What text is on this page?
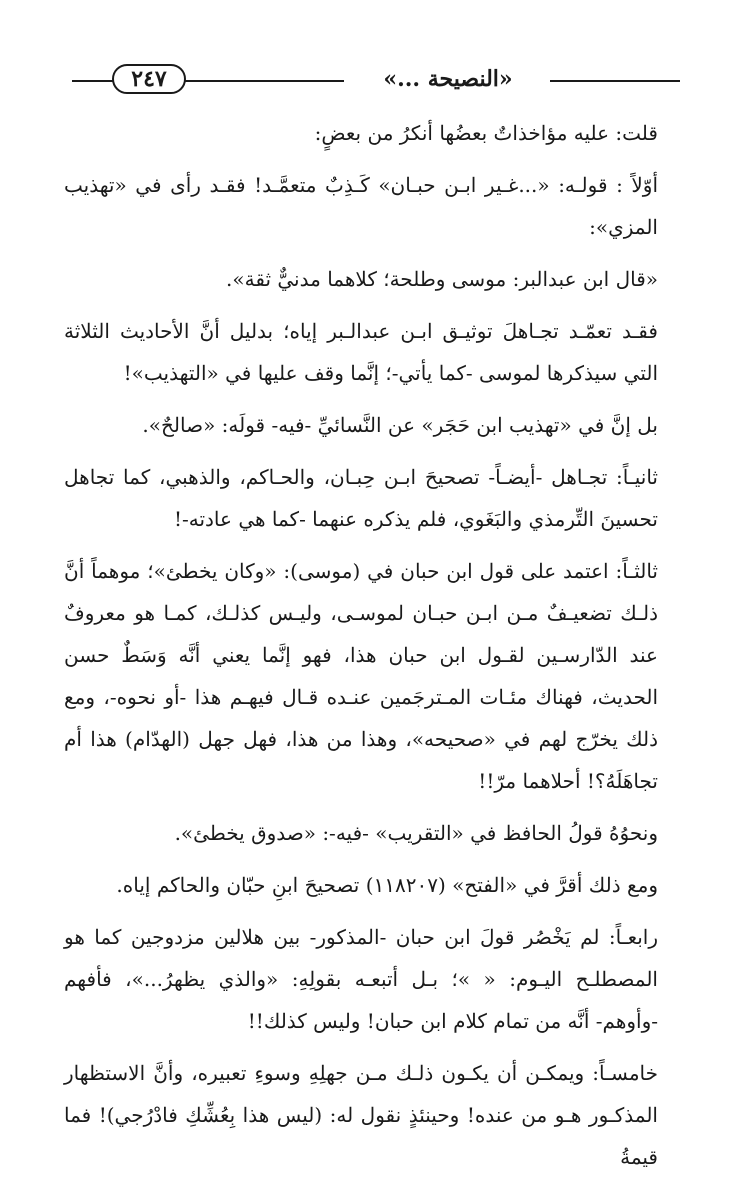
٢٤٧	«النصيحة ...»

قلت: عليه مؤاخذاتٌ بعضُها أنكرُ من بعضٍ:

أوّلاً : قولـه: «...غـير ابـن حبـان» كَـذِبٌ متعمَّـد! فقـد رأى في «تهذيب المزي»:

«قال ابن عبدالبر: موسى وطلحة؛ كلاهما مدنيٌّ ثقة».

فقـد تعمّـد تجـاهلَ توثيـق ابـن عبدالـبر إياه؛ بدليل أنَّ الأحاديث الثلاثة التي سيذكرها لموسى -كما يأتي-؛ إنَّما وقف عليها في «التهذيب»!

بل إنَّ في «تهذيب ابن حَجَر» عن النَّسائيِّ -فيه- قولَه: «صالحٌ».

ثانيـاً: تجـاهل -أيضـاً- تصحيحَ ابـن حِبـان، والحـاكم، والذهبي، كما تجاهل تحسينَ التِّرمذي والبَغَوي، فلم يذكره عنهما -كما هي عادته-!

ثالثـاً: اعتمد على قول ابن حبان في (موسى): «وكان يخطئ»؛ موهماً أنَّ ذلـك تضعيـفٌ مـن ابـن حبـان لموسـى، وليـس كذلـك، كمـا هو معروفٌ عند الدّارسـين لقـول ابن حبان هذا، فهو إنَّما يعني أنَّه وَسَطٌ حسن الحديث، فهناك مئـات المـترجَمين عنـده قـال فيهـم هذا -أو نحوه-، ومع ذلك يخرّج لهم في «صحيحه»، وهذا من هذا، فهل جهل (الهدّام) هذا أم تجاهَلَهُ؟! أحلاهما مرّ!!

ونحوُهُ قولُ الحافظ في «التقريب» -فيه-: «صدوق يخطئ».

ومع ذلك أقرَّ في «الفتح» (١١٨٢٠٧) تصحيحَ ابنِ حبّان والحاكم إياه.

رابعـاً: لم يَخْصُر قولَ ابن حبان -المذكور- بين هلالين مزدوجين كما هو المصطلـح اليـوم: « »؛ بـل أتبعـه بقولِهِ: «والذي يظهرُ...»، فأفهم -وأوهم- أنَّه من تمام كلام ابن حبان! وليس كذلك!!

خامسـاً: ويمكـن أن يكـون ذلـك مـن جهلِهِ وسوءِ تعبيره، وأنَّ الاستظهار المذكـور هـو من عنده! وحينئذٍ نقول له: (ليس هذا بِعُشِّكِ فادْرُجي)! فما قيمةُ
